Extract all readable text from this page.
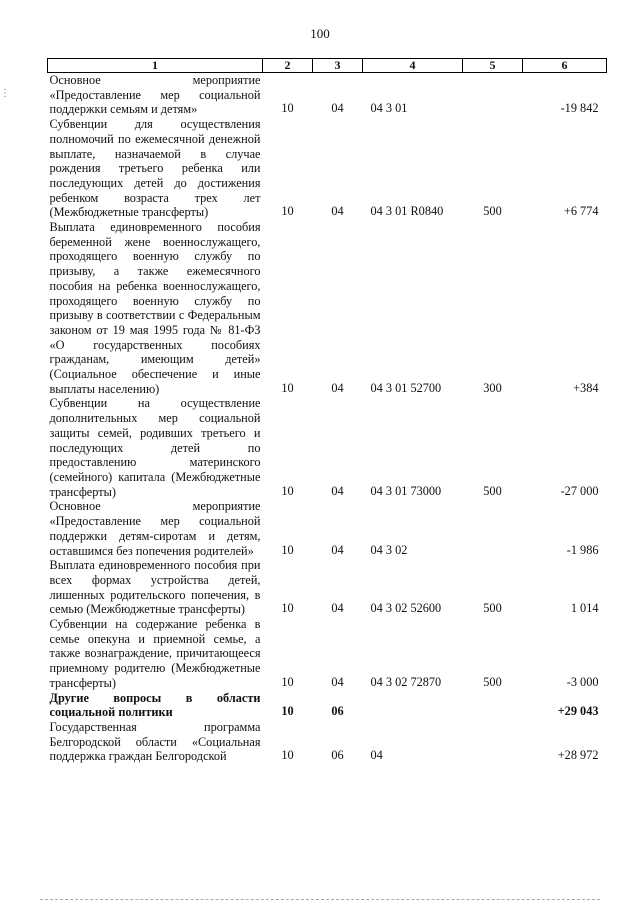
100
⋮
1	2	3	4	5	6
Основное мероприятие «Предоставление мер социальной поддержки семьям и детям»	10	04	04 3 01		-19 842
Субвенции для осуществления полномочий по ежемесячной денежной выплате, назначаемой в случае рождения третьего ребенка или последующих детей до достижения ребенком возраста трех лет (Межбюджетные трансферты)	10	04	04 3 01 R0840	500	+6 774
Выплата единовременного пособия беременной жене военнослужащего, проходящего военную службу по призыву, а также ежемесячного пособия на ребенка военнослужащего, проходящего военную службу по призыву в соответствии с Федеральным законом от 19 мая 1995 года № 81-ФЗ «О государственных пособиях гражданам, имеющим детей» (Социальное обеспечение и иные выплаты населению)	10	04	04 3 01 52700	300	+384
Субвенции на осуществление дополнительных мер социальной защиты семей, родивших третьего и последующих детей по предоставлению материнского (семейного) капитала (Межбюджетные трансферты)	10	04	04 3 01 73000	500	-27 000
Основное мероприятие «Предоставление мер социальной поддержки детям-сиротам и детям, оставшимся без попечения родителей»	10	04	04 3 02		-1 986
Выплата единовременного пособия при всех формах устройства детей, лишенных родительского попечения, в семью (Межбюджетные трансферты)	10	04	04 3 02 52600	500	1 014
Субвенции на содержание ребенка в семье опекуна и приемной семье, а также вознаграждение, причитающееся приемному родителю (Межбюджетные трансферты)	10	04	04 3 02 72870	500	-3 000
Другие вопросы в области социальной политики	10	06			+29 043
Государственная программа Белгородской области «Социальная поддержка граждан Белгородской	10	06	04		+28 972
